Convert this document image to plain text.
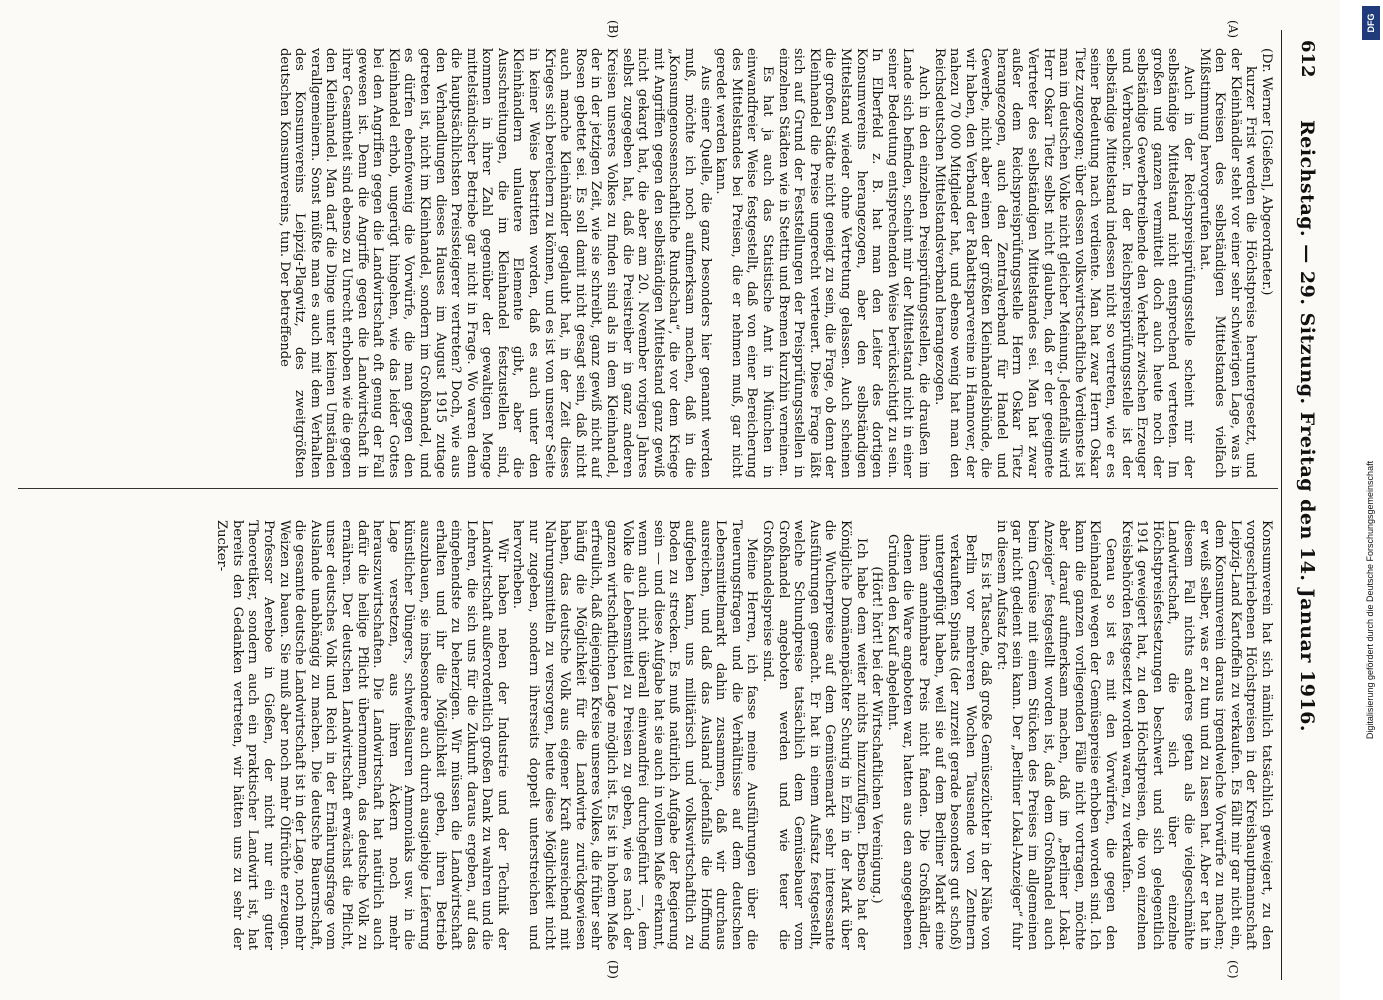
612
Reichstag. — 29. Sitzung. Freitag den 14. Januar 1916.
(A)
(B)
(C)
(D)

(Dr. Werner [Gießen], Abgeordneter.)

kurzer Frist werden die Höchstpreise heruntergesetzt, und der Kleinhändler steht vor einer sehr schwierigen Lage, was in den Kreisen des selbständigen Mittelstandes vielfach Mißstimmung hervorgerufen hat.

Auch in der Reichspreisprüfungsstelle scheint mir der selbständige Mittelstand nicht entsprechend vertreten. Im großen und ganzen vermittelt doch auch heute noch der selbständige Gewerbetreibende den Verkehr zwischen Erzeuger und Verbraucher. In der Reichspreisprüfungsstelle ist der selbständige Mittelstand indessen nicht so vertreten, wie er es seiner Bedeutung nach verdiente. Man hat zwar Herrn Oskar Tietz zugezogen; über dessen volkswirtschaftliche Verdienste ist man im deutschen Volke nicht gleicher Meinung. Jedenfalls wird Herr Oskar Tietz selbst nicht glauben, daß er der geeignete Vertreter des selbständigen Mittelstandes sei. Man hat zwar außer dem Reichspreisprüfungsstelle Herrn Oskar Tietz herangezogen, auch den Zentralverband für Handel und Gewerbe, nicht aber einen der größten Kleinhandelsbünde, die wir haben, den Verband der Rabattsparvereine in Hannover, der nahezu 70 000 Mitglieder hat, und ebenso wenig hat man den Reichsdeutschen Mittelstandsverband herangezogen.

Auch in den einzelnen Preisprüfungsstellen, die draußen im Lande sich befinden, scheint mir der Mittelstand nicht in einer seiner Bedeutung entsprechenden Weise berücksichtigt zu sein. In Elberfeld z. B. hat man den Leiter des dortigen Konsumvereins herangezogen, aber den selbständigen Mittelstand wieder ohne Vertretung gelassen. Auch scheinen die großen Städte nicht geneigt zu sein, die Frage, ob denn der Kleinhandel die Preise ungerecht verteuert. Diese Frage läßt sich auf Grund der Feststellungen der Preisprüfungsstellen in einzelnen Städten wie in Stettin und Bremen kurzhin verneinen.

Es hat ja auch das Statistische Amt in München in einwandfreier Weise festgestellt, daß von einer Bereicherung des Mittelstandes bei Preisen, die er nehmen muß, gar nicht geredet werden kann.

Aus einer Quelle, die ganz besonders hier genannt werden muß, möchte ich noch aufmerksam machen, daß in die „Konsumgenossenschaftliche Rundschau“, die vor dem Kriege mit Angriffen gegen den selbständigen Mittelstand ganz gewiß nicht gekargt hat, die aber am 20. November vorigen Jahres selbst zugegeben hat, daß die Preistreiber in ganz anderen Kreisen unseres Volkes zu finden sind als in dem Kleinhandel, der in der jetzigen Zeit, wie sie schreibt, ganz gewiß nicht auf Rosen gebettet sei. Es soll damit nicht gesagt sein, daß nicht auch manche Kleinhändler geglaubt hat, in der Zeit dieses Krieges sich bereichern zu können, und es ist von unserer Seite in keiner Weise bestritten worden, daß es auch unter den Kleinhändlern unlautere Elemente gibt, aber die Ausschreitungen, die im Kleinhandel festzustellen sind, kommen in ihrer Zahl gegenüber der gewaltigen Menge mittelständischer Betriebe gar nicht in Frage. Wo waren denn die hauptsächlichsten Preissteigerer vertreten? Doch, wie aus den Verhandlungen dieses Hauses im August 1915 zutage getreten ist, nicht im Kleinhandel, sondern im Großhandel, und es dürfen ebenfowenig die Vorwürfe, die man gegen den Kleinhandel erhob, ungerügt hingehen, wie das leider Gottes bei den Angriffen gegen die Landwirtschaft oft genug der Fall gewesen ist. Denn die Angriffe gegen die Landwirtschaft in ihrer Gesamtheit sind ebenso zu Unrecht erhoben wie die gegen den Kleinhandel. Man darf die Dinge unter keinen Umständen verallgemeinern. Sonst müßte man es auch mit dem Verhalten des Konsumvereins Leipzig-Plagwitz, des zweitgrößten deutschen Konsumvereins, tun. Der betreffende

Konsumverein hat sich nämlich tatsächlich geweigert, zu den vorgeschriebenen Höchstpreisen in der Kreishauptmannschaft Leipzig-Land Kartoffeln zu verkaufen. Es fällt mir gar nicht ein, dem Konsumverein daraus irgendwelche Vorwürfe zu machen; er weiß selber, was er zu tun und zu lassen hat. Aber er hat in diesem Fall nichts anderes getan als die vielgeschmähte Landwirtschaft, die sich über einzelne Höchstpreisfestsetzungen beschwert und sich gelegentlich 1914 geweigert hat, zu den Höchstpreisen, die von einzelnen Kreisbehörden festgesetzt worden waren, zu verkaufen.

Genau so ist es mit den Vorwürfen, die gegen den Kleinhandel wegen der Gemüsepreise erhoben worden sind. Ich kann die ganzen vorliegenden Fälle nicht vortragen, möchte aber darauf aufmerksam machen, daß im „Berliner Lokal-Anzeiger“ festgestellt worden ist, daß dem Großhandel auch beim Gemüse mit einem Stücken des Preises im allgemeinen gar nicht gedient sein kann. Der „Berliner Lokal-Anzeiger“ fuhr in diesem Aufsatz fort:

Es ist Tatsache, daß große Gemüsezüchter in der Nähe von Berlin vor mehreren Wochen Tausende von Zentnern verkauften Spinats (der zurzeit gerade besonders gut schoß) untergepflügt haben, weil sie auf dem Berliner Markt eine ihnen annehmbare Preis nicht fanden. Die Großhändler, denen die Ware angeboten war, hatten aus den angegebenen Gründen den Kauf abgelehnt.

(Hört! hört! bei der Wirtschaftlichen Vereinigung.)

Ich habe dem weiter nichts hinzuzufügen. Ebenso hat der Königliche Domänenpächter Schurig in Ezin in der Mark über die Wucherpreise auf dem Gemüsemarkt sehr interessante Ausführungen gemacht. Er hat in einem Aufsatz festgestellt, welche Schundpreise tatsächlich dem Gemüsebauer vom Großhandel angeboten werden und wie teuer die Großhandelspreise sind.

Meine Herren, ich fasse meine Ausführungen über die Teuerungsfragen und die Verhältnisse auf dem deutschen Lebensmittelmarkt dahin zusammen, daß wir durchaus ausreichen, und daß das Ausland jedenfalls die Hoffnung aufgeben kann, uns militärisch und volkswirtschaftlich zu Boden zu strecken. Es muß natürlich Aufgabe der Regierung sein — und diese Aufgabe hat sie auch in vollem Maße erkannt, wenn auch nicht überall einwandfrei durchgeführt —, dem Volke die Lebensmittel zu Preisen zu geben, wie es nach der ganzen wirtschaftlichen Lage möglich ist. Es ist in hohem Maße erfreulich, daß diejenigen Kreise unseres Volkes, die früher sehr häufig die Möglichkeit für die Landwirte zurückgewiesen haben, das deutsche Volk aus eigener Kraft ausreichend mit Nahrungsmitteln zu versorgen, heute diese Möglichkeit nicht nur zugeben, sondern ihrerseits doppelt unterstreichen und hervorheben.

Wir haben neben der Industrie und der Technik der Landwirtschaft außerordentlich großen Dank zu wahren und die Lehren, die sich uns für die Zukunft daraus ergeben, auf das eingehendste zu beherzigen. Wir müssen die Landwirtschaft erhalten und ihr die Möglichkeit geben, ihren Betrieb auszubauen, sie insbesondere auch durch ausgiebige Lieferung künstlicher Düngers, schwefelsauren Ammoniaks usw. in die Lage versetzen, aus ihren Äckern noch mehr herauszuwirtschaften. Die Landwirtschaft hat natürlich auch dafür die heilige Pflicht übernommen, das deutsche Volk zu ernähren. Der deutschen Landwirtschaft erwächst die Pflicht, unser deutsches Volk und Reich in der Ernährungsfrage vom Auslande unabhängig zu machen. Die deutsche Bauernschaft, die gesamte deutsche Landwirtschaft ist in der Lage, noch mehr Weizen zu bauen. Sie muß aber noch mehr Ölfrüchte erzeugen. Professor Aereboe in Gießen, der nicht nur ein guter Theoretiker, sondern auch ein praktischer Landwirt ist, hat bereits den Gedanken vertreten, wir hätten uns zu sehr der Zucker-

DFG
Digitalisierung gefördert durch die Deutsche Forschungsgemeinschaft
